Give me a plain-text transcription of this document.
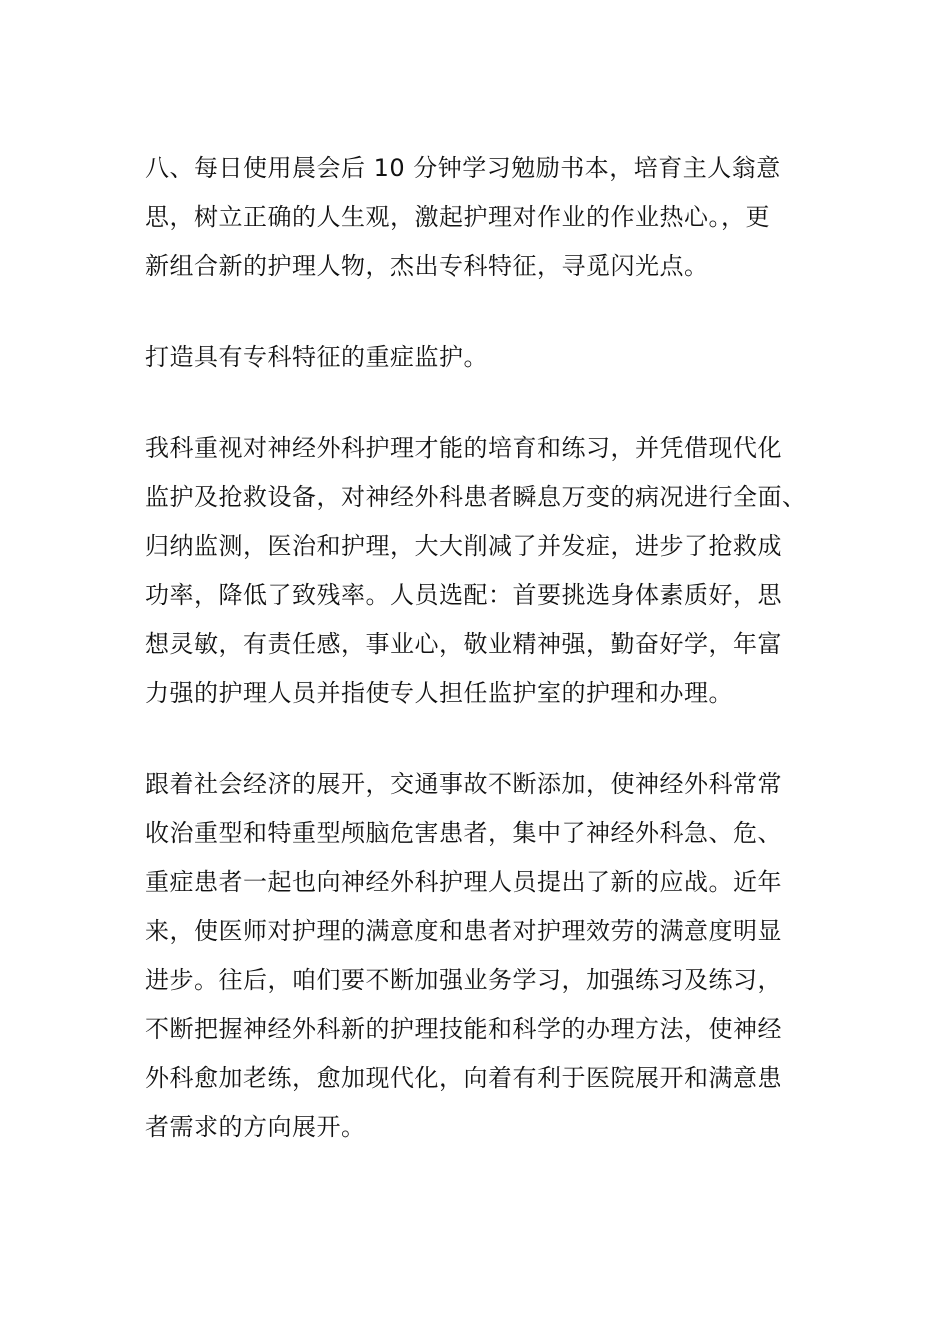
八、每日使用晨会后 10 分钟学习勉励书本，培育主人翁意
思，树立正确的人生观，激起护理对作业的作业热心。，更
新组合新的护理人物，杰出专科特征，寻觅闪光点。
打造具有专科特征的重症监护。
我科重视对神经外科护理才能的培育和练习，并凭借现代化
监护及抢救设备，对神经外科患者瞬息万变的病况进行全面、
归纳监测，医治和护理，大大削减了并发症，进步了抢救成
功率，降低了致残率。人员选配：首要挑选身体素质好，思
想灵敏，有责任感，事业心，敬业精神强，勤奋好学，年富
力强的护理人员并指使专人担任监护室的护理和办理。
跟着社会经济的展开，交通事故不断添加，使神经外科常常
收治重型和特重型颅脑危害患者，集中了神经外科急、危、
重症患者一起也向神经外科护理人员提出了新的应战。近年
来，使医师对护理的满意度和患者对护理效劳的满意度明显
进步。往后，咱们要不断加强业务学习，加强练习及练习，
不断把握神经外科新的护理技能和科学的办理方法，使神经
外科愈加老练，愈加现代化，向着有利于医院展开和满意患
者需求的方向展开。
